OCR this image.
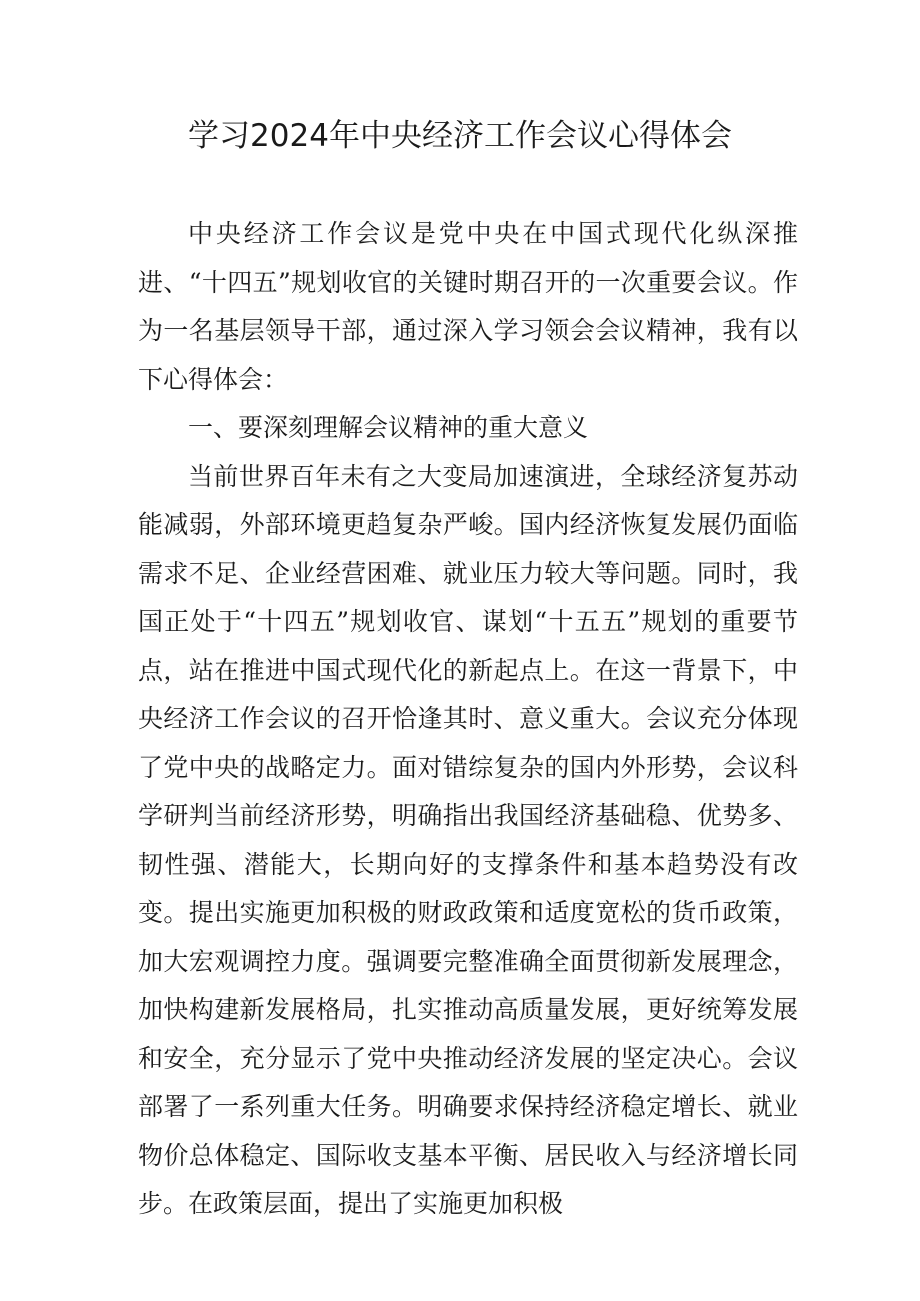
学习2024年中央经济工作会议心得体会

中央经济工作会议是党中央在中国式现代化纵深推进、“十四五”规划收官的关键时期召开的一次重要会议。作为一名基层领导干部，通过深入学习领会会议精神，我有以下心得体会：

一、要深刻理解会议精神的重大意义

当前世界百年未有之大变局加速演进，全球经济复苏动能减弱，外部环境更趋复杂严峻。国内经济恢复发展仍面临需求不足、企业经营困难、就业压力较大等问题。同时，我国正处于“十四五”规划收官、谋划“十五五”规划的重要节点，站在推进中国式现代化的新起点上。在这一背景下，中央经济工作会议的召开恰逢其时、意义重大。会议充分体现了党中央的战略定力。面对错综复杂的国内外形势，会议科学研判当前经济形势，明确指出我国经济基础稳、优势多、韧性强、潜能大，长期向好的支撑条件和基本趋势没有改变。提出实施更加积极的财政政策和适度宽松的货币政策，加大宏观调控力度。强调要完整准确全面贯彻新发展理念，加快构建新发展格局，扎实推动高质量发展，更好统筹发展和安全，充分显示了党中央推动经济发展的坚定决心。会议部署了一系列重大任务。明确要求保持经济稳定增长、就业物价总体稳定、国际收支基本平衡、居民收入与经济增长同步。在政策层面，提出了实施更加积极
